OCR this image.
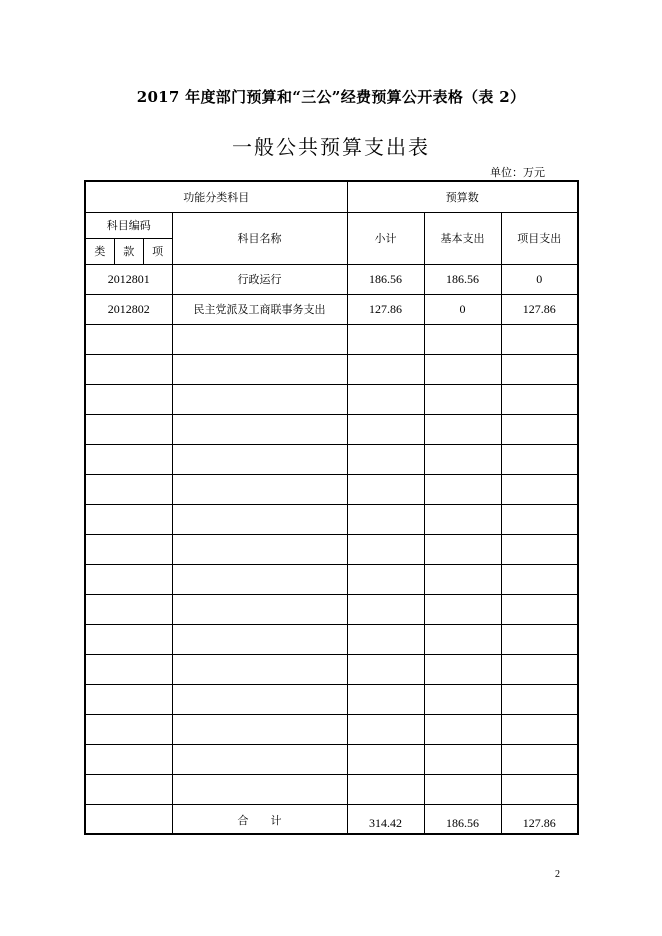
2017 年度部门预算和“三公”经费预算公开表格（表 2）
一般公共预算支出表
单位：万元
功能分类科目		预算数		

科目编码
类 款 项	科目名称	小计	基本支出	项目支出
2012801	行政运行	186.56	186.56	0
2012802	民主党派及工商联事务支出	127.86	0	127.86

	合　　计	314.42	186.56	127.86
2
